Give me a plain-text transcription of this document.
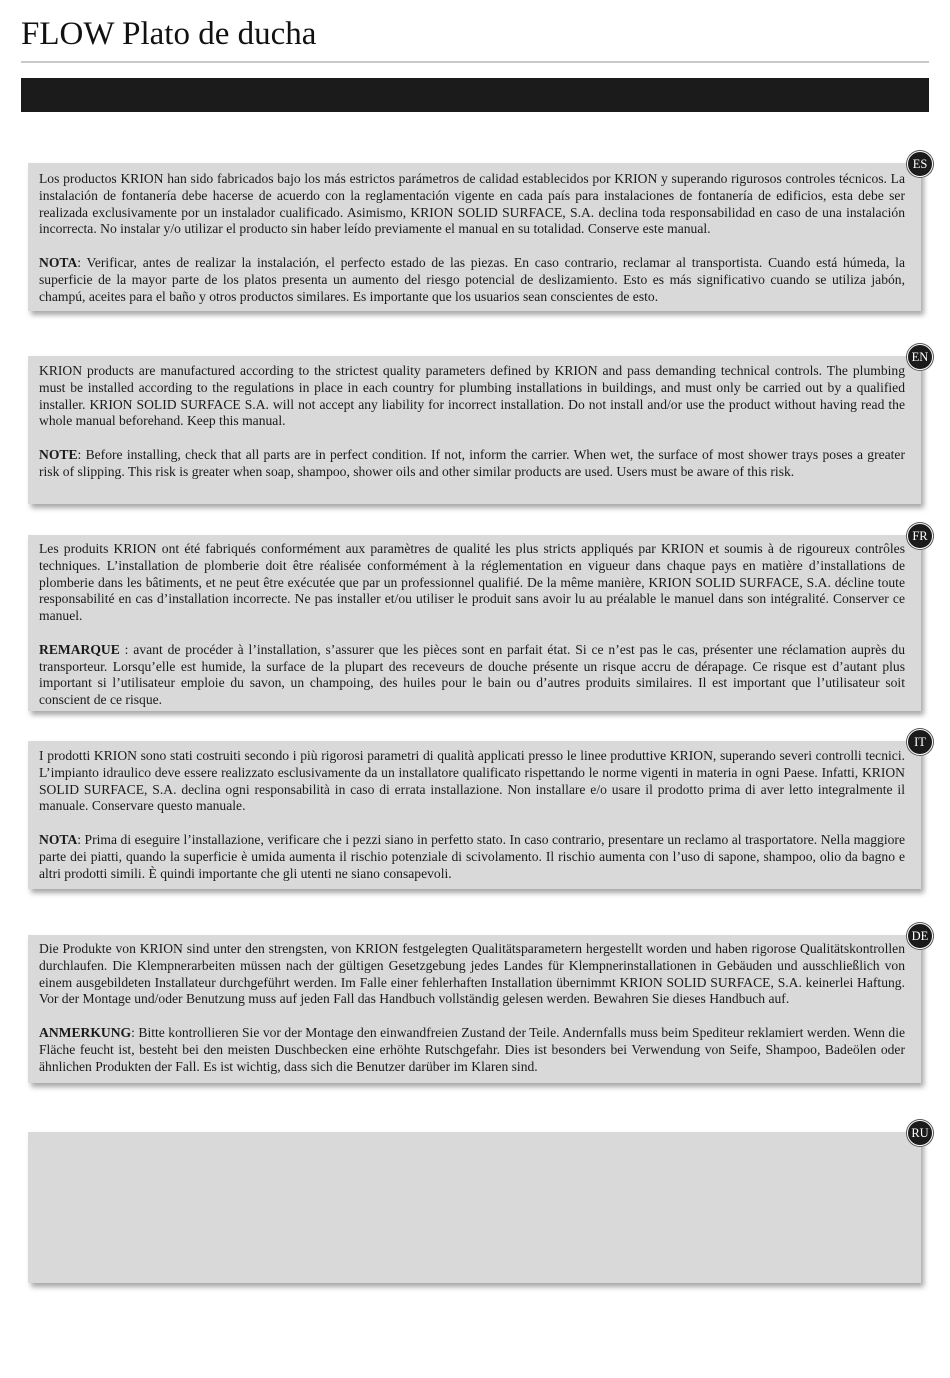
FLOW Plato de ducha
ES

Los productos KRION han sido fabricados bajo los más estrictos parámetros de calidad establecidos por KRION y superando rigurosos controles técnicos. La instalación de fontanería debe hacerse de acuerdo con la reglamentación vigente en cada país para instalaciones de fontanería de edificios, esta debe ser realizada exclusivamente por un instalador cualificado. Asimismo, KRION SOLID SURFACE, S.A. declina toda responsabilidad en caso de una instalación incorrecta. No instalar y/o utilizar el producto sin haber leído previamente el manual en su totalidad. Conserve este manual.

NOTA: Verificar, antes de realizar la instalación, el perfecto estado de las piezas. En caso contrario, reclamar al transportista. Cuando está húmeda, la superficie de la mayor parte de los platos presenta un aumento del riesgo potencial de deslizamiento. Esto es más significativo cuando se utiliza jabón, champú, aceites para el baño y otros productos similares. Es importante que los usuarios sean conscientes de esto.

EN

KRION products are manufactured according to the strictest quality parameters defined by KRION and pass demanding technical controls. The plumbing must be installed according to the regulations in place in each country for plumbing installations in buildings, and must only be carried out by a qualified installer. KRION SOLID SURFACE S.A. will not accept any liability for incorrect installation. Do not install and/or use the product without having read the whole manual beforehand. Keep this manual.

NOTE: Before installing, check that all parts are in perfect condition. If not, inform the carrier. When wet, the surface of most shower trays poses a greater risk of slipping. This risk is greater when soap, shampoo, shower oils and other similar products are used. Users must be aware of this risk.

FR

Les produits KRION ont été fabriqués conformément aux paramètres de qualité les plus stricts appliqués par KRION et soumis à de rigoureux contrôles techniques. L’installation de plomberie doit être réalisée conformément à la réglementation en vigueur dans chaque pays en matière d’installations de plomberie dans les bâtiments, et ne peut être exécutée que par un professionnel qualifié. De la même manière, KRION SOLID SURFACE, S.A. décline toute responsabilité en cas d’installation incorrecte. Ne pas installer et/ou utiliser le produit sans avoir lu au préalable le manuel dans son intégralité. Conserver ce manuel.

REMARQUE : avant de procéder à l’installation, s’assurer que les pièces sont en parfait état. Si ce n’est pas le cas, présenter une réclamation auprès du transporteur. Lorsqu’elle est humide, la surface de la plupart des receveurs de douche présente un risque accru de dérapage. Ce risque est d’autant plus important si l’utilisateur emploie du savon, un champoing, des huiles pour le bain ou d’autres produits similaires. Il est important que l’utilisateur soit conscient de ce risque.

IT

I prodotti KRION sono stati costruiti secondo i più rigorosi parametri di qualità applicati presso le linee produttive KRION, superando severi controlli tecnici. L’impianto idraulico deve essere realizzato esclusivamente da un installatore qualificato rispettando le norme vigenti in materia in ogni Paese. Infatti, KRION SOLID SURFACE, S.A. declina ogni responsabilità in caso di errata installazione. Non installare e/o usare il prodotto prima di aver letto integralmente il manuale. Conservare questo manuale.

NOTA: Prima di eseguire l’installazione, verificare che i pezzi siano in perfetto stato. In caso contrario, presentare un reclamo al trasportatore. Nella maggiore parte dei piatti, quando la superficie è umida aumenta il rischio potenziale di scivolamento. Il rischio aumenta con l’uso di sapone, shampoo, olio da bagno e altri prodotti simili. È quindi importante che gli utenti ne siano consapevoli.

DE

Die Produkte von KRION sind unter den strengsten, von KRION festgelegten Qualitätsparametern hergestellt worden und haben rigorose Qualitätskontrollen durchlaufen. Die Klempnerarbeiten müssen nach der gültigen Gesetzgebung jedes Landes für Klempnerinstallationen in Gebäuden und ausschließlich von einem ausgebildeten Installateur durchgeführt werden. Im Falle einer fehlerhaften Installation übernimmt KRION SOLID SURFACE, S.A. keinerlei Haftung. Vor der Montage und/oder Benutzung muss auf jeden Fall das Handbuch vollständig gelesen werden. Bewahren Sie dieses Handbuch auf.

ANMERKUNG: Bitte kontrollieren Sie vor der Montage den einwandfreien Zustand der Teile. Andernfalls muss beim Spediteur reklamiert werden. Wenn die Fläche feucht ist, besteht bei den meisten Duschbecken eine erhöhte Rutschgefahr. Dies ist besonders bei Verwendung von Seife, Shampoo, Badeölen oder ähnlichen Produkten der Fall. Es ist wichtig, dass sich die Benutzer darüber im Klaren sind.

RU
